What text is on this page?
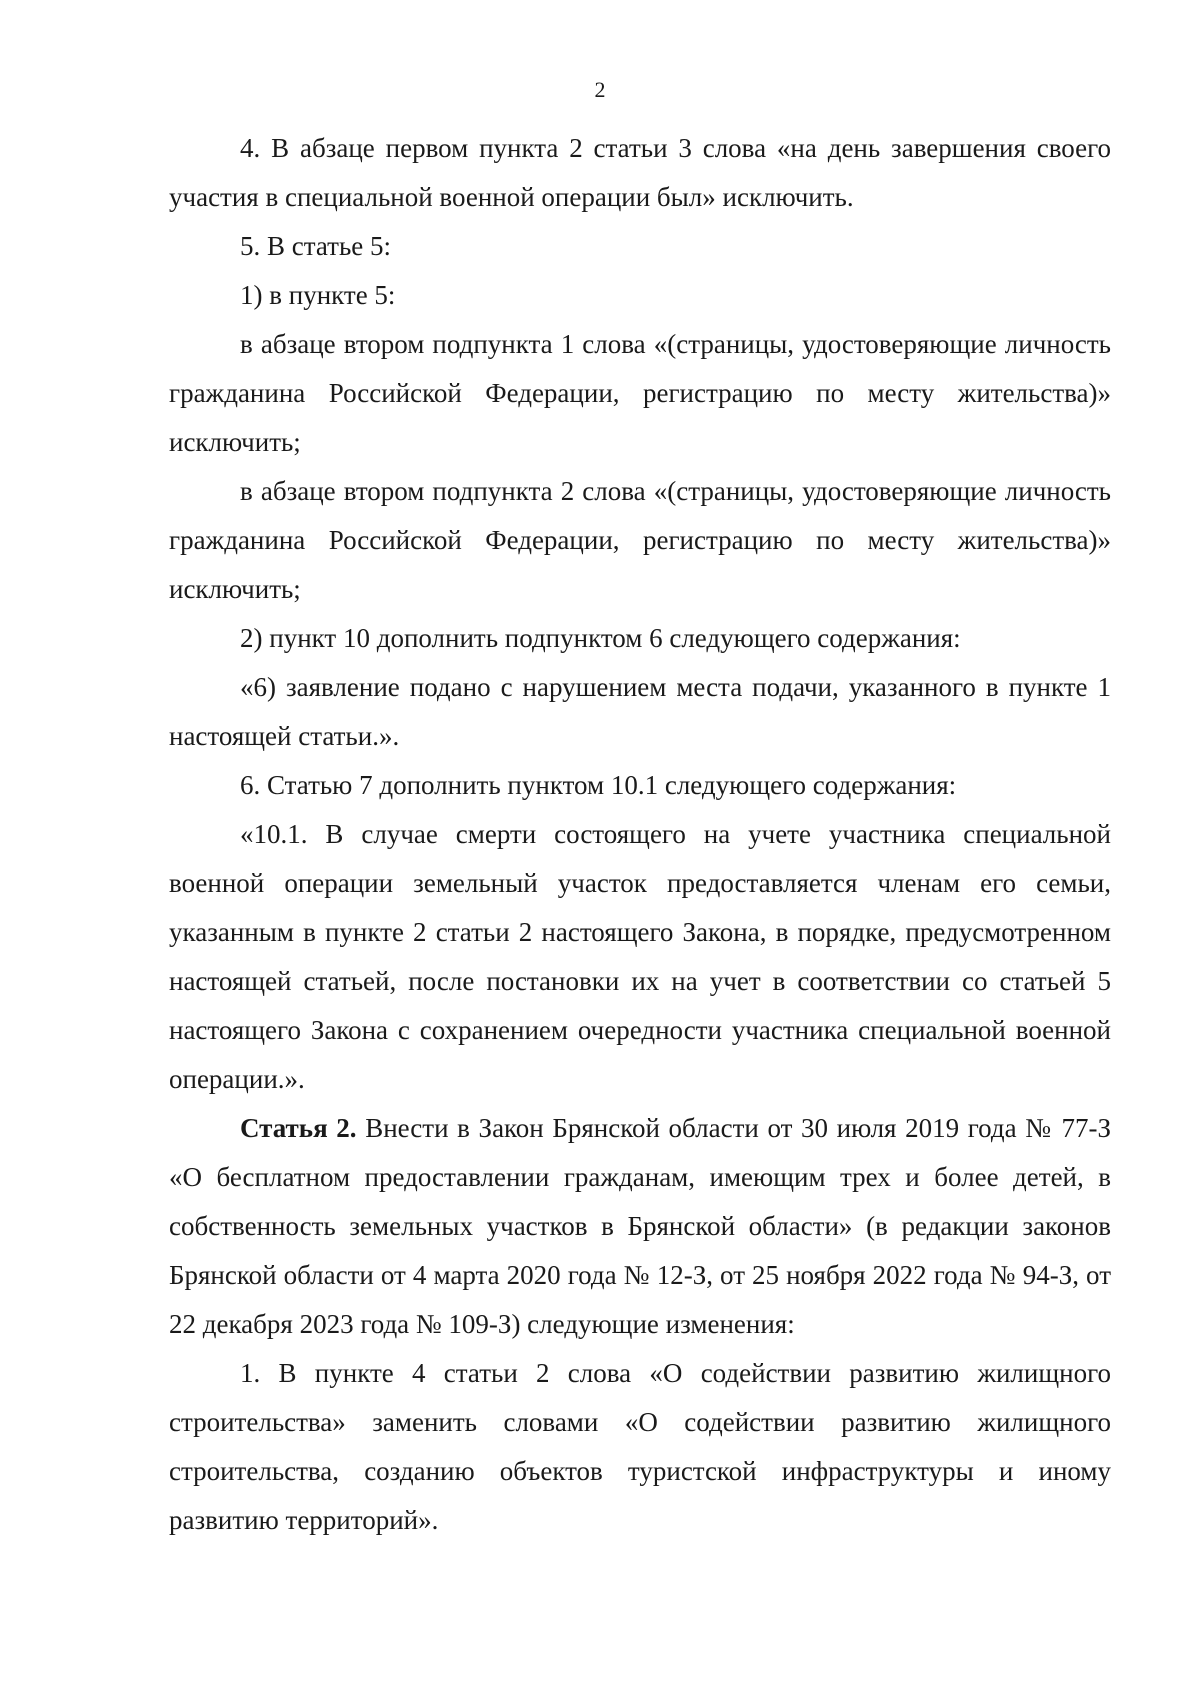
2

4. В абзаце первом пункта 2 статьи 3 слова «на день завершения своего участия в специальной военной операции был» исключить.

5. В статье 5:

1) в пункте 5:

в абзаце втором подпункта 1 слова «(страницы, удостоверяющие личность гражданина Российской Федерации, регистрацию по месту жительства)» исключить;

в абзаце втором подпункта 2 слова «(страницы, удостоверяющие личность гражданина Российской Федерации, регистрацию по месту жительства)» исключить;

2) пункт 10 дополнить подпунктом 6 следующего содержания:

«6) заявление подано с нарушением места подачи, указанного в пункте 1 настоящей статьи.».

6. Статью 7 дополнить пунктом 10.1 следующего содержания:

«10.1. В случае смерти состоящего на учете участника специальной военной операции земельный участок предоставляется членам его семьи, указанным в пункте 2 статьи 2 настоящего Закона, в порядке, предусмотренном настоящей статьей, после постановки их на учет в соответствии со статьей 5 настоящего Закона с сохранением очередности участника специальной военной операции.».

Статья 2. Внести в Закон Брянской области от 30 июля 2019 года № 77-З «О бесплатном предоставлении гражданам, имеющим трех и более детей, в собственность земельных участков в Брянской области» (в редакции законов Брянской области от 4 марта 2020 года № 12-З, от 25 ноября 2022 года № 94-З, от 22 декабря 2023 года № 109-З) следующие изменения:

1. В пункте 4 статьи 2 слова «О содействии развитию жилищного строительства» заменить словами «О содействии развитию жилищного строительства, созданию объектов туристской инфраструктуры и иному развитию территорий».
